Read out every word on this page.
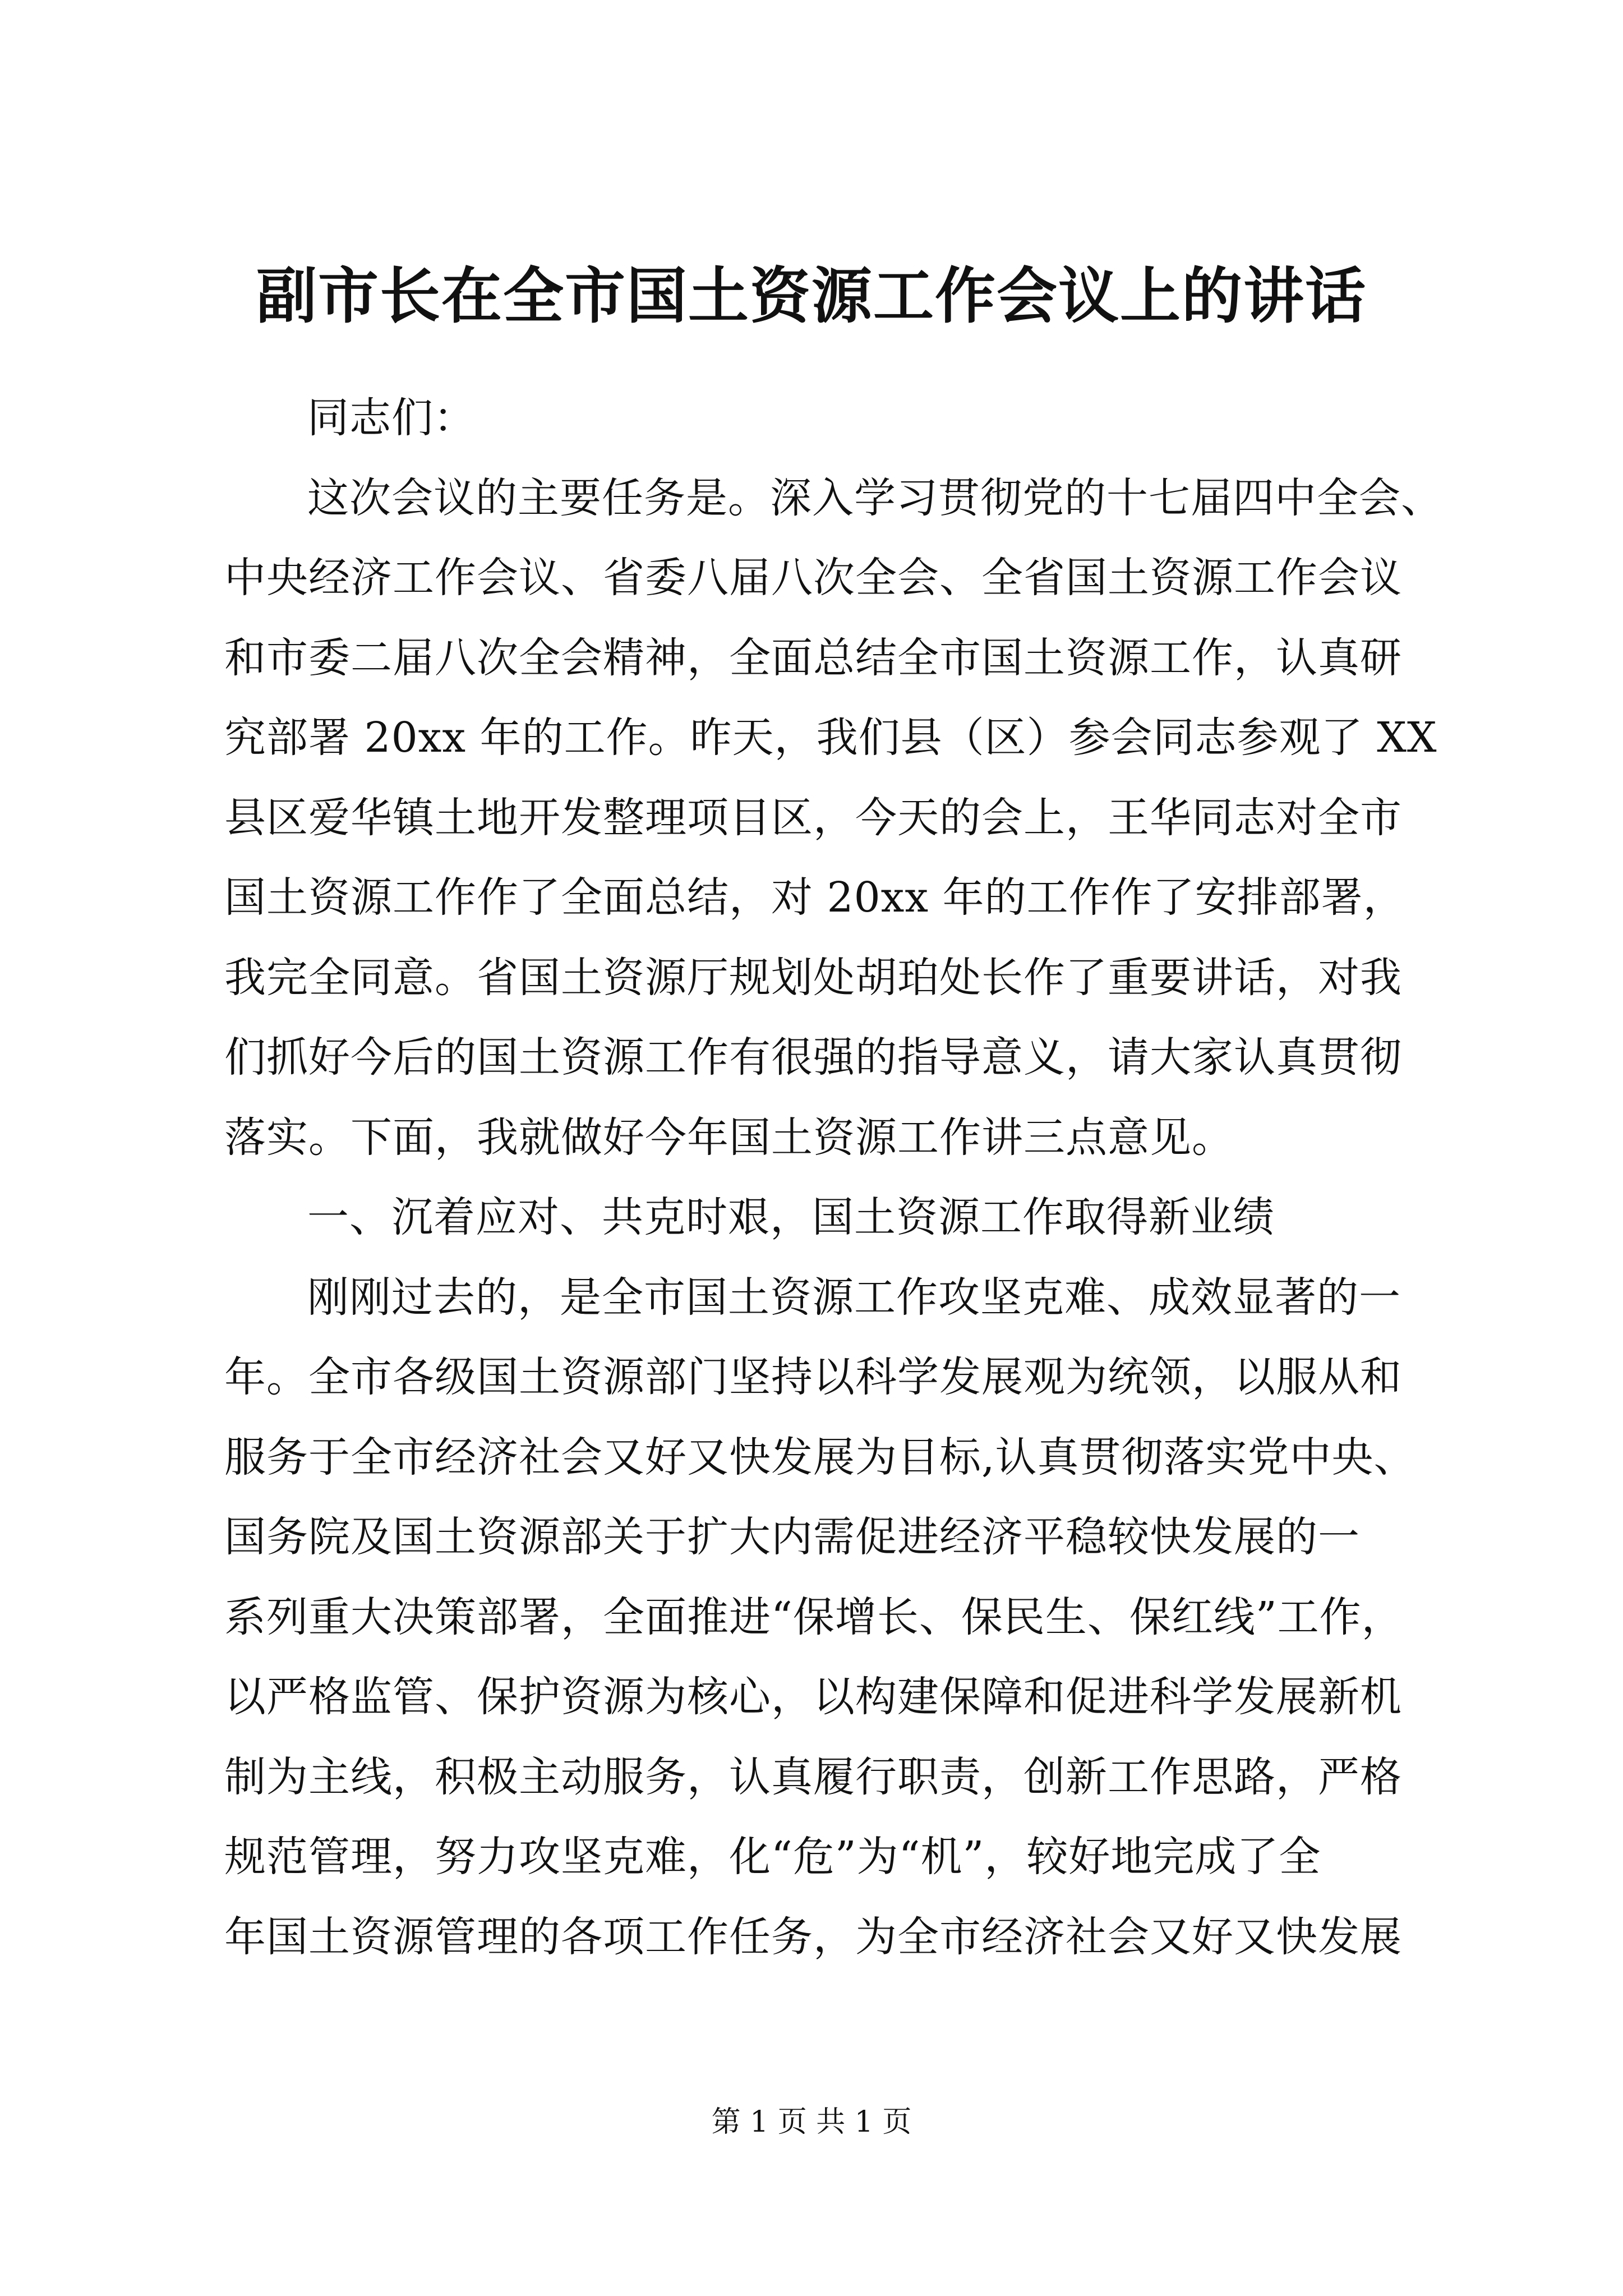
副市长在全市国土资源工作会议上的讲话
同志们：
这次会议的主要任务是。深入学习贯彻党的十七届四中全会、
中央经济工作会议、省委八届八次全会、全省国土资源工作会议
和市委二届八次全会精神，全面总结全市国土资源工作，认真研
究部署 20xx 年的工作。昨天，我们县（区）参会同志参观了 XX
县区爱华镇土地开发整理项目区，今天的会上，王华同志对全市
国土资源工作作了全面总结，对 20xx 年的工作作了安排部署，
我完全同意。省国土资源厅规划处胡珀处长作了重要讲话，对我
们抓好今后的国土资源工作有很强的指导意义，请大家认真贯彻
落实。下面，我就做好今年国土资源工作讲三点意见。
一、沉着应对、共克时艰，国土资源工作取得新业绩
刚刚过去的，是全市国土资源工作攻坚克难、成效显著的一
年。全市各级国土资源部门坚持以科学发展观为统领，以服从和
服务于全市经济社会又好又快发展为目标,认真贯彻落实党中央、
国务院及国土资源部关于扩大内需促进经济平稳较快发展的一
系列重大决策部署，全面推进“保增长、保民生、保红线”工作，
以严格监管、保护资源为核心，以构建保障和促进科学发展新机
制为主线，积极主动服务，认真履行职责，创新工作思路，严格
规范管理，努力攻坚克难，化“危”为“机”，较好地完成了全
年国土资源管理的各项工作任务，为全市经济社会又好又快发展
第 1 页 共 1 页
